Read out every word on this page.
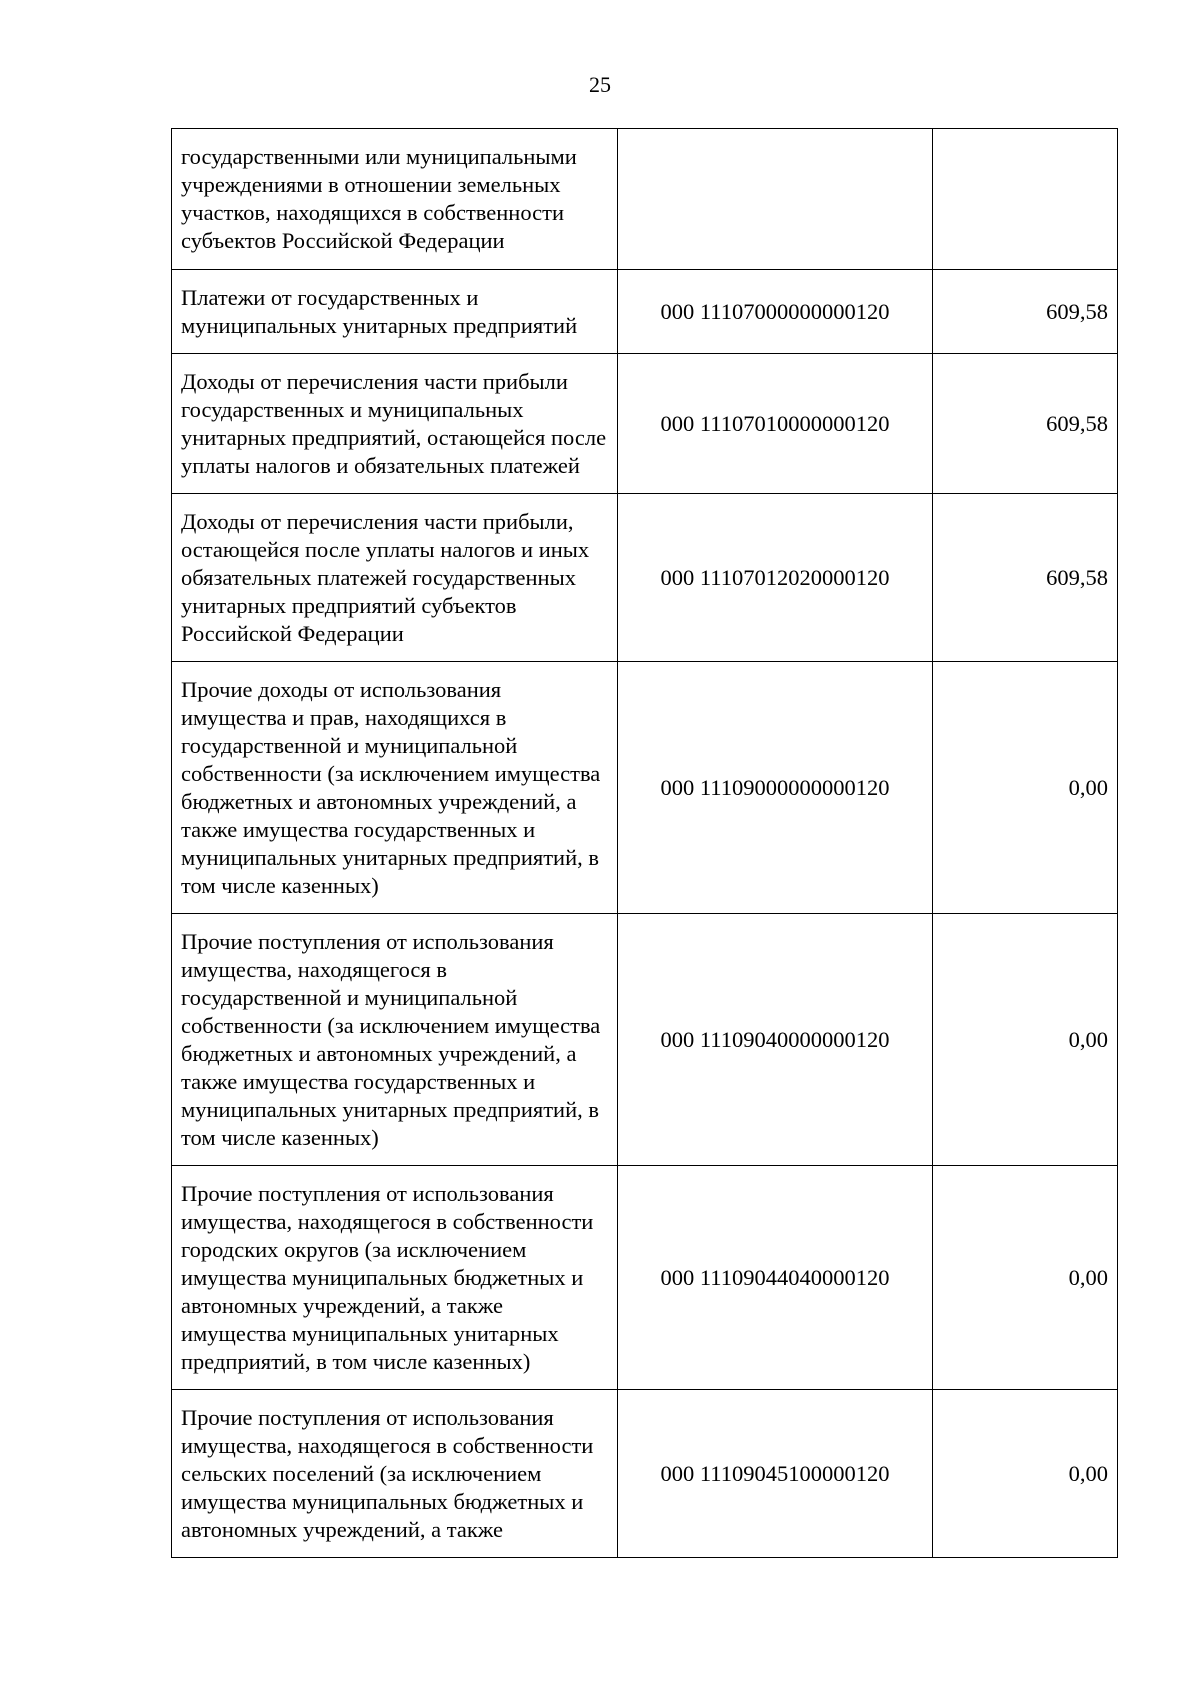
25
государственными или муниципальными учреждениями в отношении земельных участков, находящихся в собственности субъектов Российской Федерации		
Платежи от государственных и муниципальных унитарных предприятий	000 11107000000000120	609,58
Доходы от перечисления части прибыли государственных и муниципальных унитарных предприятий, остающейся после уплаты налогов и обязательных платежей	000 11107010000000120	609,58
Доходы от перечисления части прибыли, остающейся после уплаты налогов и иных обязательных платежей государственных унитарных предприятий субъектов Российской Федерации	000 11107012020000120	609,58
Прочие доходы от использования имущества и прав, находящихся в государственной и муниципальной собственности (за исключением имущества бюджетных и автономных учреждений, а также имущества государственных и муниципальных унитарных предприятий, в том числе казенных)	000 11109000000000120	0,00
Прочие поступления от использования имущества, находящегося в государственной и муниципальной собственности (за исключением имущества бюджетных и автономных учреждений, а также имущества государственных и муниципальных унитарных предприятий, в том числе казенных)	000 11109040000000120	0,00
Прочие поступления от использования имущества, находящегося в собственности городских округов (за исключением имущества муниципальных бюджетных и автономных учреждений, а также имущества муниципальных унитарных предприятий, в том числе казенных)	000 11109044040000120	0,00
Прочие поступления от использования имущества, находящегося в собственности сельских поселений (за исключением имущества муниципальных бюджетных и автономных учреждений, а также	000 11109045100000120	0,00
